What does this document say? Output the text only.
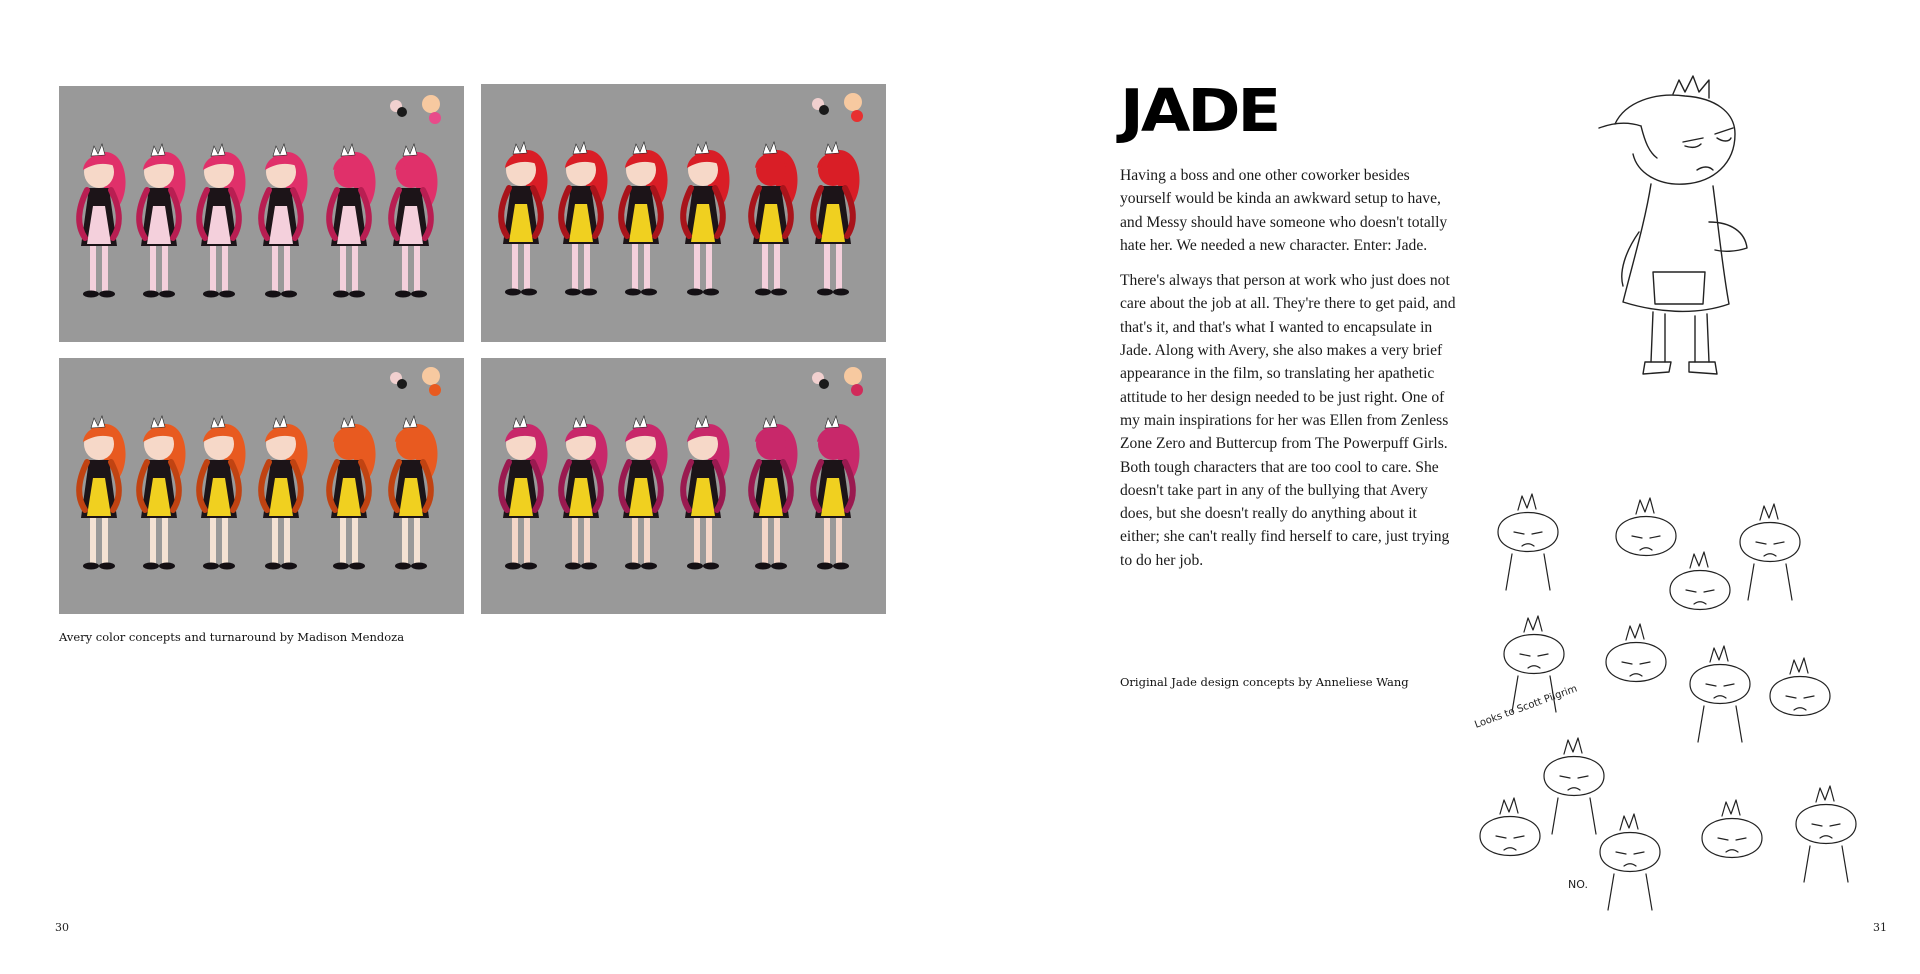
Avery color concepts and turnaround by Madison Mendoza
30
JADE

Having a boss and one other coworker besides yourself would be kinda an awkward setup to have, and Messy should have someone who doesn't totally hate her. We needed a new character. Enter: Jade.

There's always that person at work who just does not care about the job at all. They're there to get paid, and that's it, and that's what I wanted to encapsulate in Jade. Along with Avery, she also makes a very brief appearance in the film, so translating her apathetic attitude to her design needed to be just right. One of my main inspirations for her was Ellen from Zenless Zone Zero and Buttercup from The Powerpuff Girls. Both tough characters that are too cool to care. She doesn't take part in any of the bullying that Avery does, but she doesn't really do anything about it either; she can't really find herself to care, just trying to do her job.

Original Jade design concepts by Anneliese Wang
31
Looks to Scott Pilgrim
NO.
